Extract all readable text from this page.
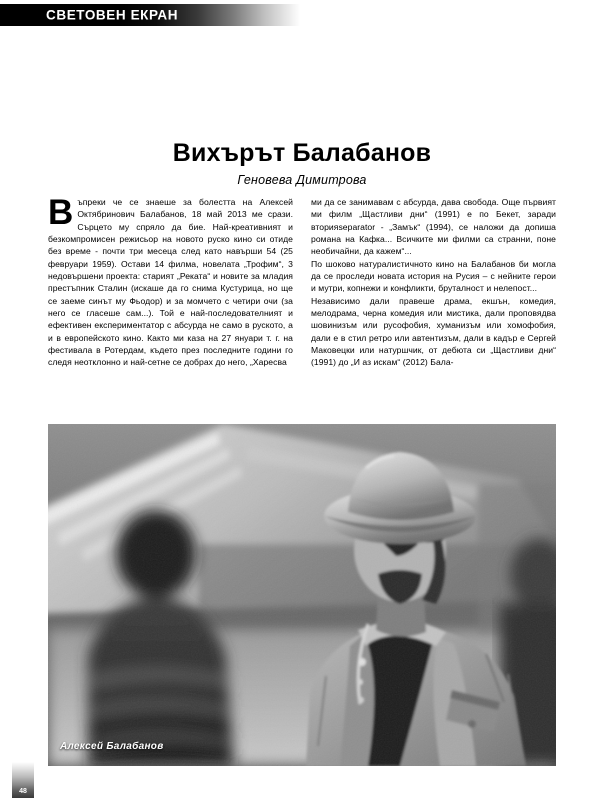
СВЕТОВЕН ЕКРАН
Вихърът Балабанов
Геновева Димитрова

Въпреки че се знаеше за болестта на Алексей Октябринович Балабанов, 18 май 2013 ме срази. Сърцето му спряло да бие. Най-креативният и безкомпромисен режисьор на новото руско кино си отиде без време - почти три месеца след като навърши 54 (25 февруари 1959). Остави 14 филма, новелата „Трофим“, 3 недовършени проекта: старият „Реката“ и новите за младия престъпник Сталин (искаше да го снима Кустурица, но ще се заеме синът му Фьодор) и за момчето с четири очи (за него се гласеше сам...). Той е най-последователният и ефективен експериментатор с абсурда не само в руското, а и в европейското кино. Както ми каза на 27 януари т. г. на фестивала в Ротердам, където през последните години го следя неотклонно и най-сетне се добрах до него, „Харесва

ми да се занимавам с абсурда, дава свобода. Още първият ми филм „Щастливи дни“ (1991) е по Бекет, заради вторияseparator - „Замък“ (1994), се наложи да допиша романа на Кафка... Всичките ми филми са странни, поне необичайни, да кажем“...

По шоково натуралистичното кино на Балабанов би могла да се проследи новата история на Русия – с нейните герои и мутри, копнежи и конфликти, бруталност и нелепост...

Независимо дали правеше драма, екшън, комедия, мелодрама, черна комедия или мистика, дали проповядва шовинизъм или русофобия, хуманизъм или хомофобия, дали е в стил ретро или автентизъм, дали в кадър е Сергей Маковецки или натуршчик, от дебюта си „Щастливи дни“ (1991) до „И аз искам“ (2012) Бала-

Алексей Балабанов
48
